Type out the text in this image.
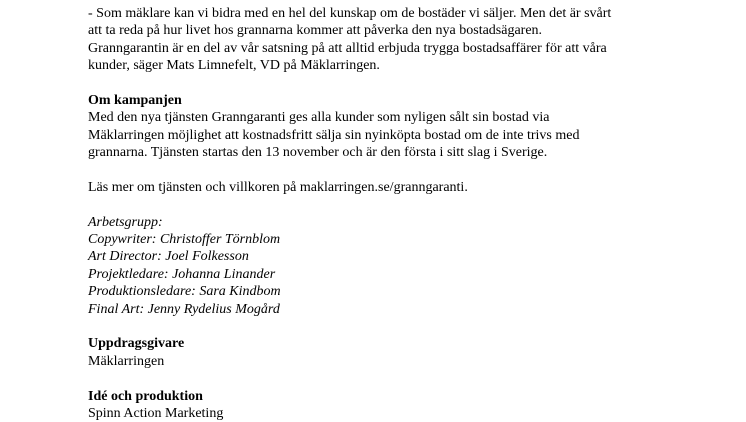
- Som mäklare kan vi bidra med en hel del kunskap om de bostäder vi säljer. Men det är svårt
att ta reda på hur livet hos grannarna kommer att påverka den nya bostadsägaren.
Granngarantin är en del av vår satsning på att alltid erbjuda trygga bostadsaffärer för att våra
kunder, säger Mats Limnefelt, VD på Mäklarringen.
Om kampanjen
Med den nya tjänsten Granngaranti ges alla kunder som nyligen sålt sin bostad via
Mäklarringen möjlighet att kostnadsfritt sälja sin nyinköpta bostad om de inte trivs med
grannarna. Tjänsten startas den 13 november och är den första i sitt slag i Sverige.
Läs mer om tjänsten och villkoren på maklarringen.se/granngaranti.
Arbetsgrupp:
Copywriter: Christoffer Törnblom
Art Director: Joel Folkesson
Projektledare: Johanna Linander
Produktionsledare: Sara Kindbom
Final Art: Jenny Rydelius Mogård
Uppdragsgivare
Mäklarringen
Idé och produktion
Spinn Action Marketing
